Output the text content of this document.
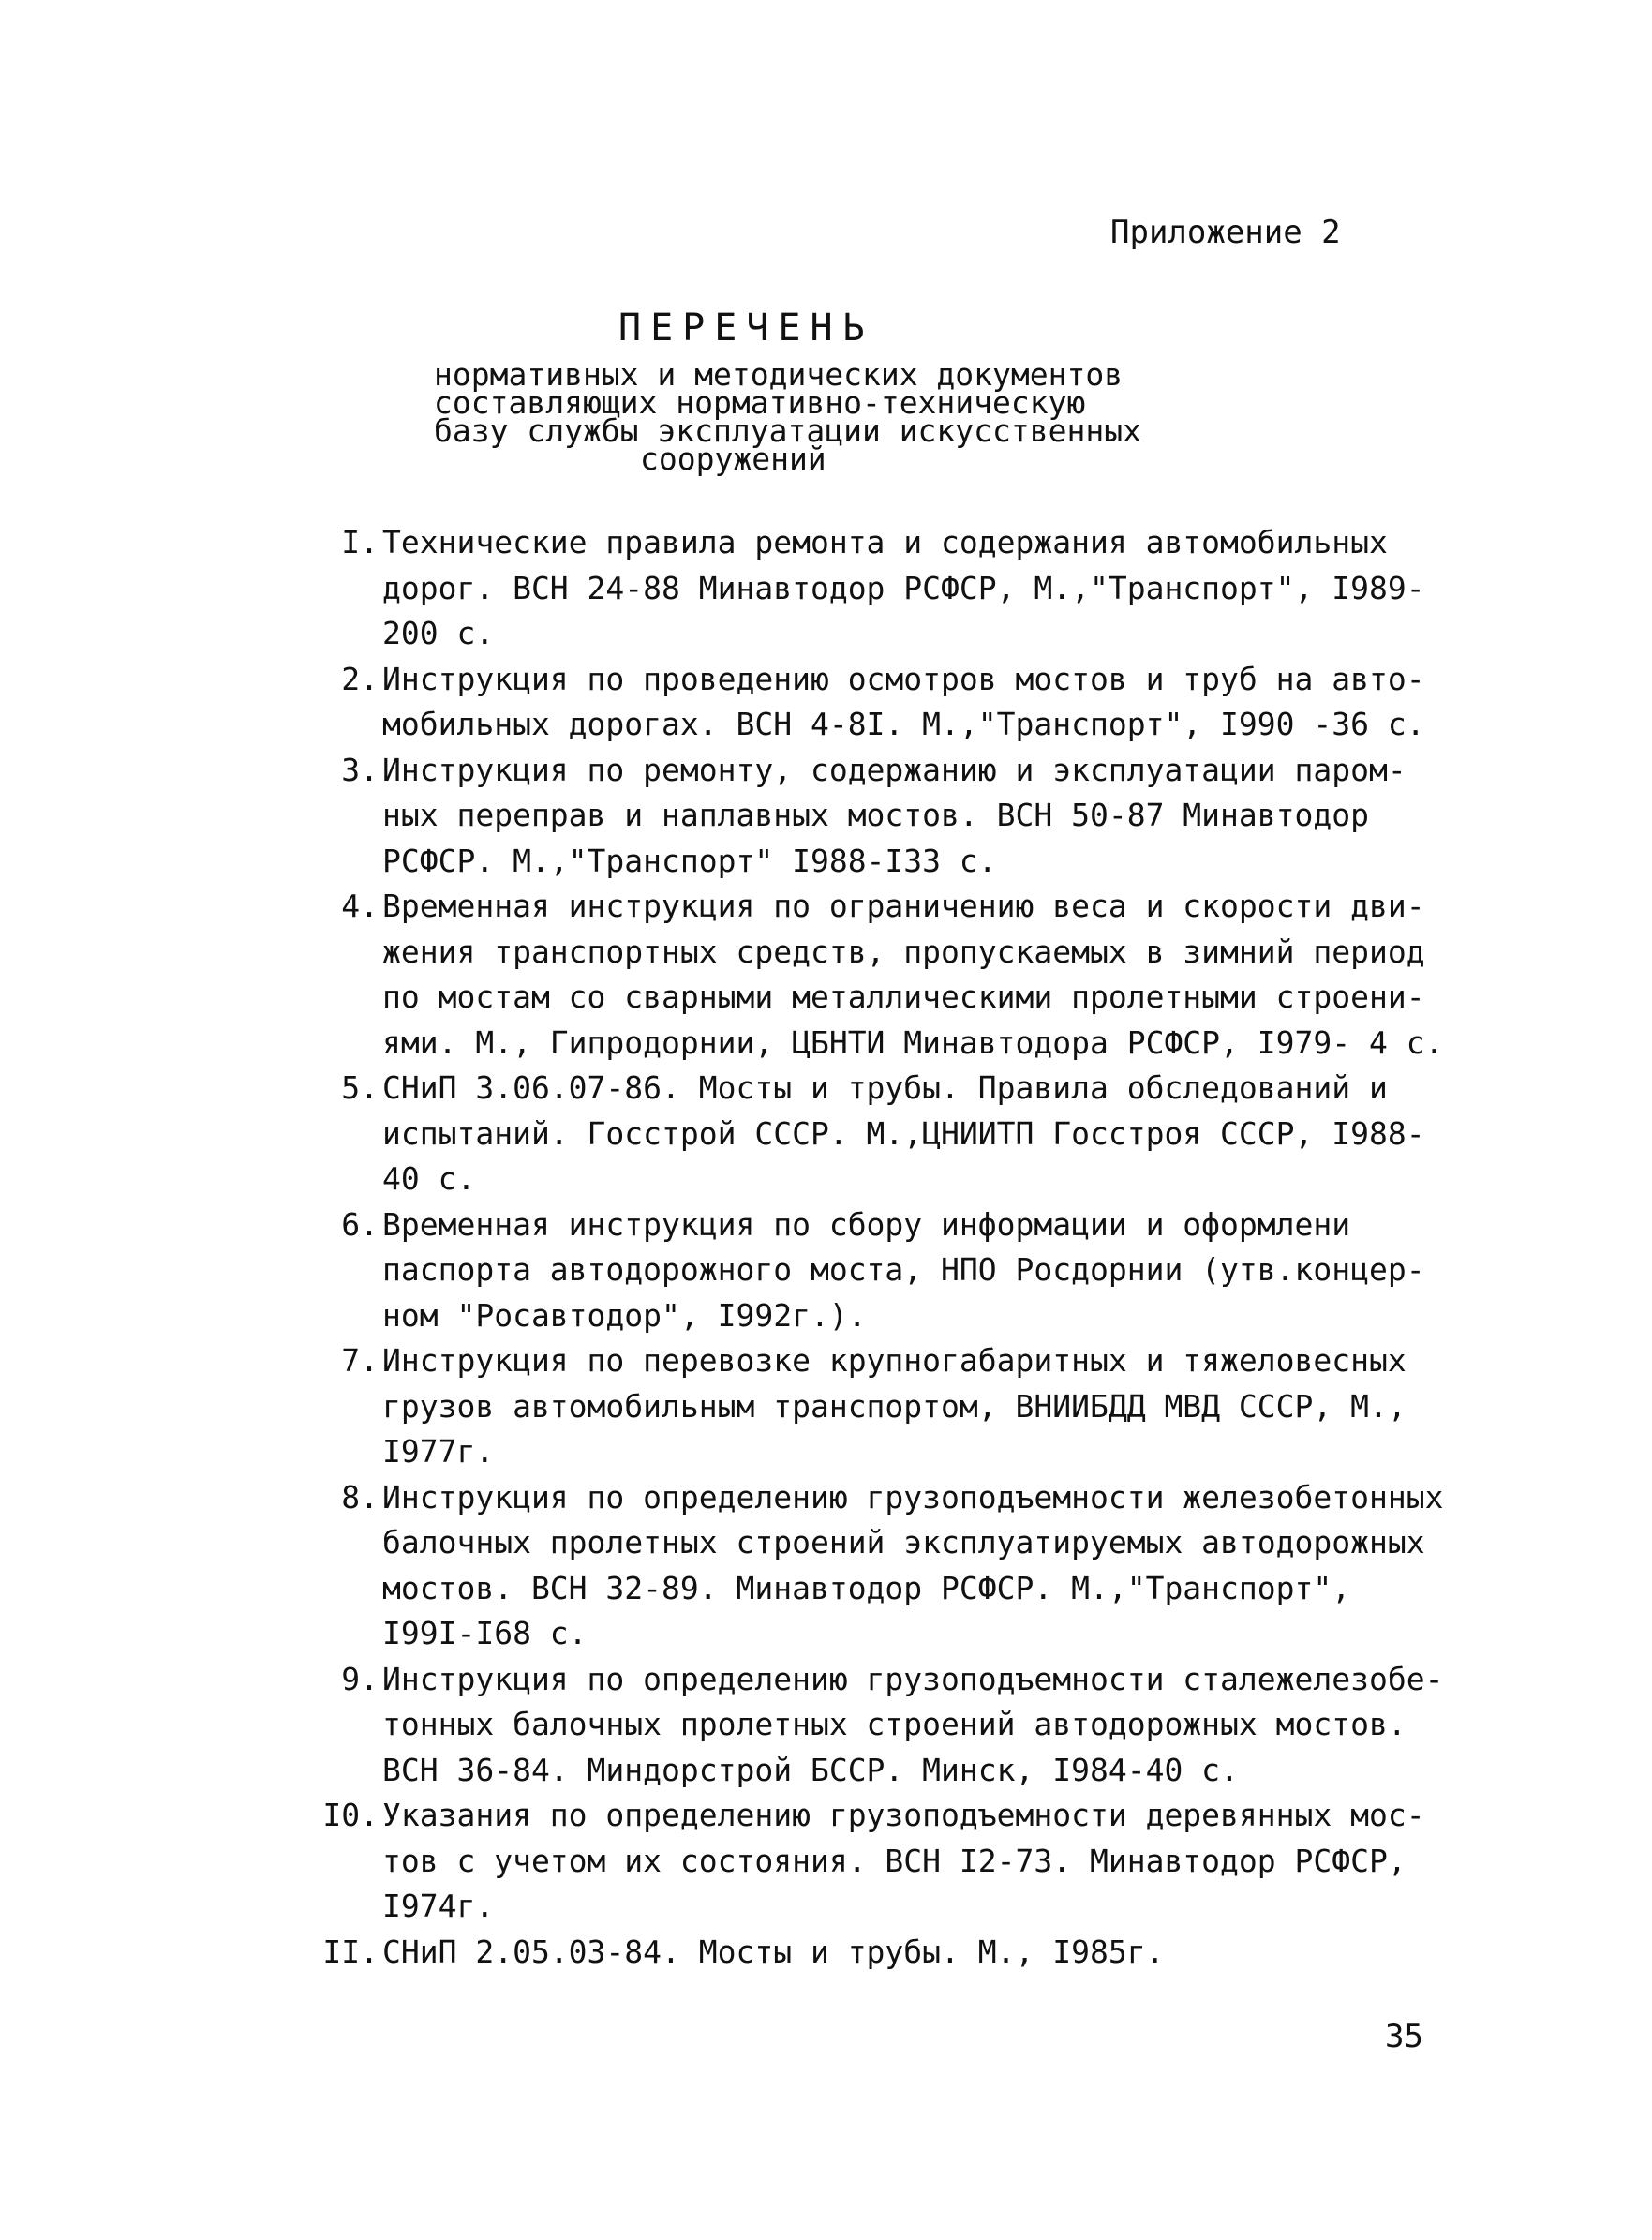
Приложение 2
ПЕРЕЧЕНЬ
нормативных и методических документов
составляющих нормативно-техническую
базу службы эксплуатации искусственных
сооружений
I. Технические правила ремонта и содержания автомобильных
дорог. ВСН 24-88 Минавтодор РСФСР, М.,"Транспорт", I989-
200 с.
2. Инструкция по проведению осмотров мостов и труб на авто-
мобильных дорогах. ВСН 4-8I. М.,"Транспорт", I990 -36 с.
3. Инструкция по ремонту, содержанию и эксплуатации паром-
ных переправ и наплавных мостов. ВСН 50-87 Минавтодор
РСФСР. М.,"Транспорт" I988-I33 с.
4. Временная инструкция по ограничению веса и скорости дви-
жения транспортных средств, пропускаемых в зимний период
по мостам со сварными металлическими пролетными строени-
ями. М., Гипродорнии, ЦБНТИ Минавтодора РСФСР, I979- 4 с.
5. СНиП 3.06.07-86. Мосты и трубы. Правила обследований и
испытаний. Госстрой СССР. М.,ЦНИИТП Госстроя СССР, I988-
40 с.
6. Временная инструкция по сбору информации и оформлени
паспорта автодорожного моста, НПО Росдорнии (утв.концер-
ном "Росавтодор", I992г.).
7. Инструкция по перевозке крупногабаритных и тяжеловесных
грузов автомобильным транспортом, ВНИИБДД МВД СССР, М.,
I977г.
8. Инструкция по определению грузоподъемности железобетонных
балочных пролетных строений эксплуатируемых автодорожных
мостов. ВСН 32-89. Минавтодор РСФСР. М.,"Транспорт",
I99I-I68 с.
9. Инструкция по определению грузоподъемности сталежелезобе-
тонных балочных пролетных строений автодорожных мостов.
ВСН 36-84. Миндорстрой БССР. Минск, I984-40 с.
I0. Указания по определению грузоподъемности деревянных мос-
тов с учетом их состояния. ВСН I2-73. Минавтодор РСФСР,
I974г.
II. СНиП 2.05.03-84. Мосты и трубы. М., I985г.
35
